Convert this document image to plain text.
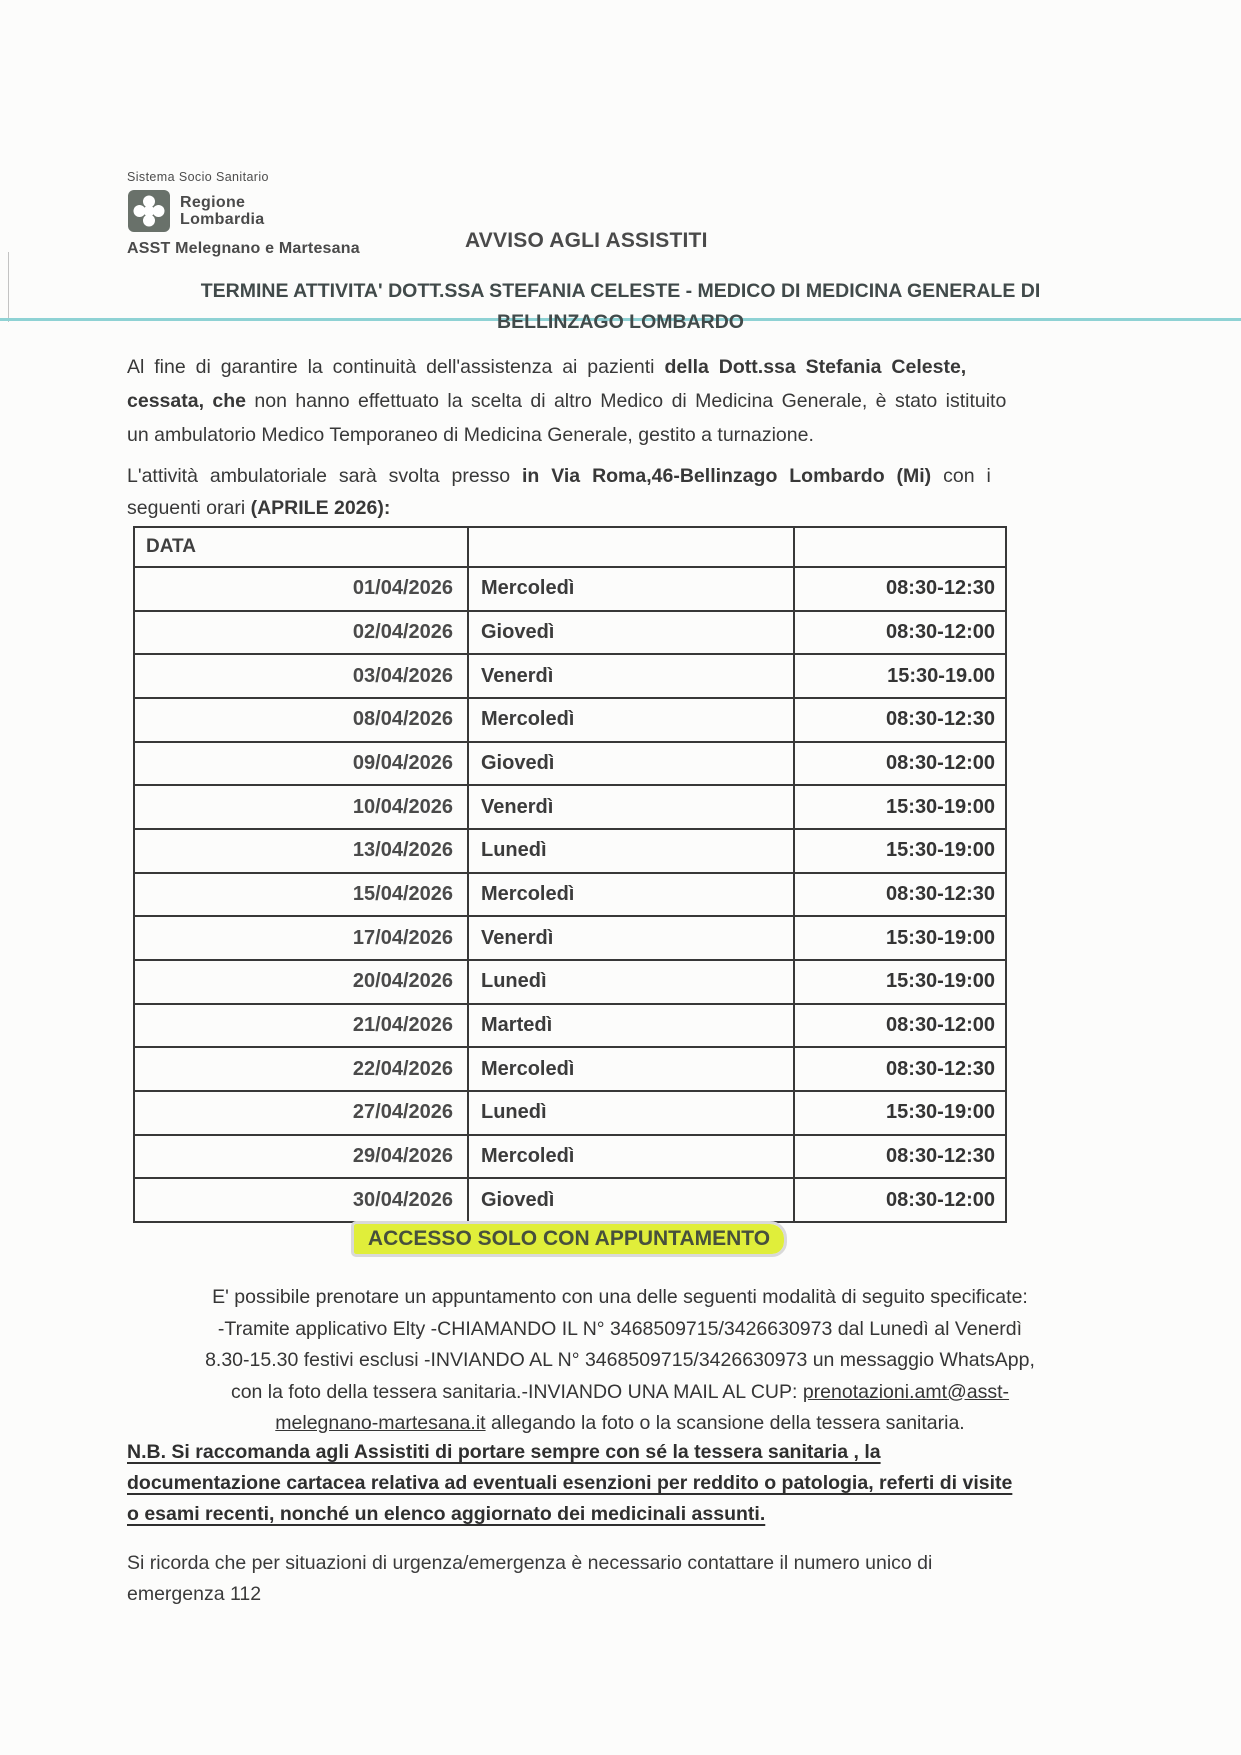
Sistema Socio Sanitario
Regione
Lombardia
ASST Melegnano e Martesana	AVVISO AGLI ASSISTITI
TERMINE ATTIVITA' DOTT.SSA STEFANIA CELESTE - MEDICO DI MEDICINA GENERALE DI
BELLINZAGO LOMBARDO
Al fine di garantire la continuità dell'assistenza ai pazienti della Dott.ssa Stefania Celeste,
cessata, che non hanno effettuato la scelta di altro Medico di Medicina Generale, è stato istituito
un ambulatorio Medico Temporaneo di Medicina Generale, gestito a turnazione.
L'attività ambulatoriale sarà svolta presso in Via Roma,46-Bellinzago Lombardo (Mi) con i
seguenti orari (APRILE 2026):
DATA		
01/04/2026	Mercoledì	08:30-12:30
02/04/2026	Giovedì	08:30-12:00
03/04/2026	Venerdì	15:30-19.00
08/04/2026	Mercoledì	08:30-12:30
09/04/2026	Giovedì	08:30-12:00
10/04/2026	Venerdì	15:30-19:00
13/04/2026	Lunedì	15:30-19:00
15/04/2026	Mercoledì	08:30-12:30
17/04/2026	Venerdì	15:30-19:00
20/04/2026	Lunedì	15:30-19:00
21/04/2026	Martedì	08:30-12:00
22/04/2026	Mercoledì	08:30-12:30
27/04/2026	Lunedì	15:30-19:00
29/04/2026	Mercoledì	08:30-12:30
30/04/2026	Giovedì	08:30-12:00
ACCESSO SOLO CON APPUNTAMENTO
E' possibile prenotare un appuntamento con una delle seguenti modalità di seguito specificate:
-Tramite applicativo Elty -CHIAMANDO IL N° 3468509715/3426630973 dal Lunedì al Venerdì
8.30-15.30 festivi esclusi -INVIANDO AL N° 3468509715/3426630973 un messaggio WhatsApp,
con la foto della tessera sanitaria.-INVIANDO UNA MAIL AL CUP: prenotazioni.amt@asst-
melegnano-martesana.it allegando la foto o la scansione della tessera sanitaria.
N.B. Si raccomanda agli Assistiti di portare sempre con sé la tessera sanitaria , la
documentazione cartacea relativa ad eventuali esenzioni per reddito o patologia, referti di visite
o esami recenti, nonché un elenco aggiornato dei medicinali assunti.
Si ricorda che per situazioni di urgenza/emergenza è necessario contattare il numero unico di
emergenza 112
